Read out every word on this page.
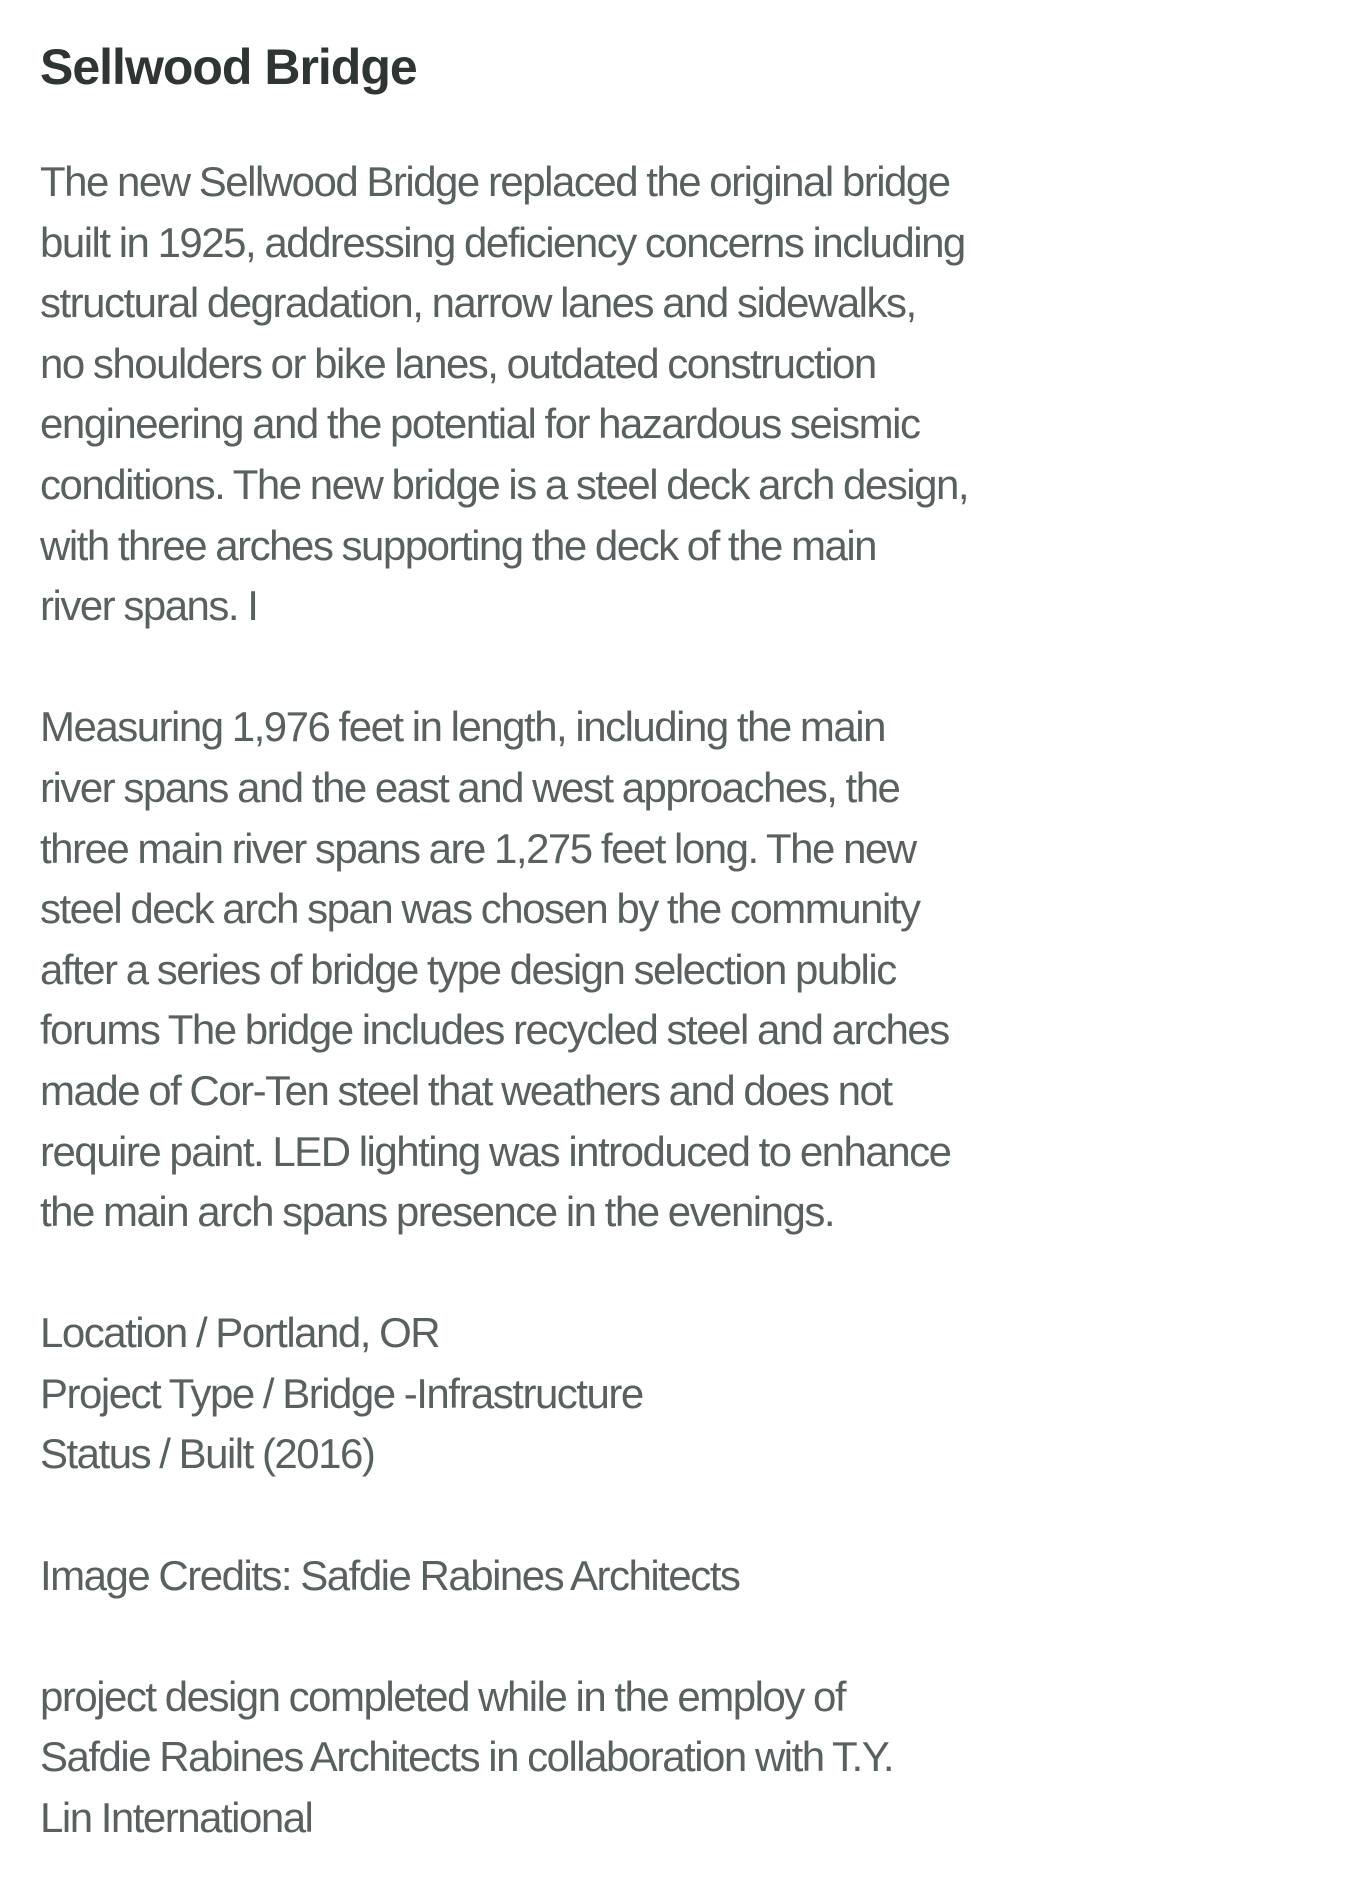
Sellwood Bridge
The new Sellwood Bridge replaced the original bridge
built in 1925, addressing deficiency concerns including
structural degradation, narrow lanes and sidewalks,
no shoulders or bike lanes, outdated construction
engineering and the potential for hazardous seismic
conditions. The new bridge is a steel deck arch design,
with three arches supporting the deck of the main
river spans. I
Measuring 1,976 feet in length, including the main
river spans and the east and west approaches, the
three main river spans are 1,275 feet long. The new
steel deck arch span was chosen by the community
after a series of bridge type design selection public
forums The bridge includes recycled steel and arches
made of Cor-Ten steel that weathers and does not
require paint. LED lighting was introduced to enhance
the main arch spans presence in the evenings.
Location / Portland, OR
Project Type / Bridge -Infrastructure
Status / Built (2016)
Image Credits: Safdie Rabines Architects
project design completed while in the employ of
Safdie Rabines Architects in collaboration with T.Y.
Lin International
